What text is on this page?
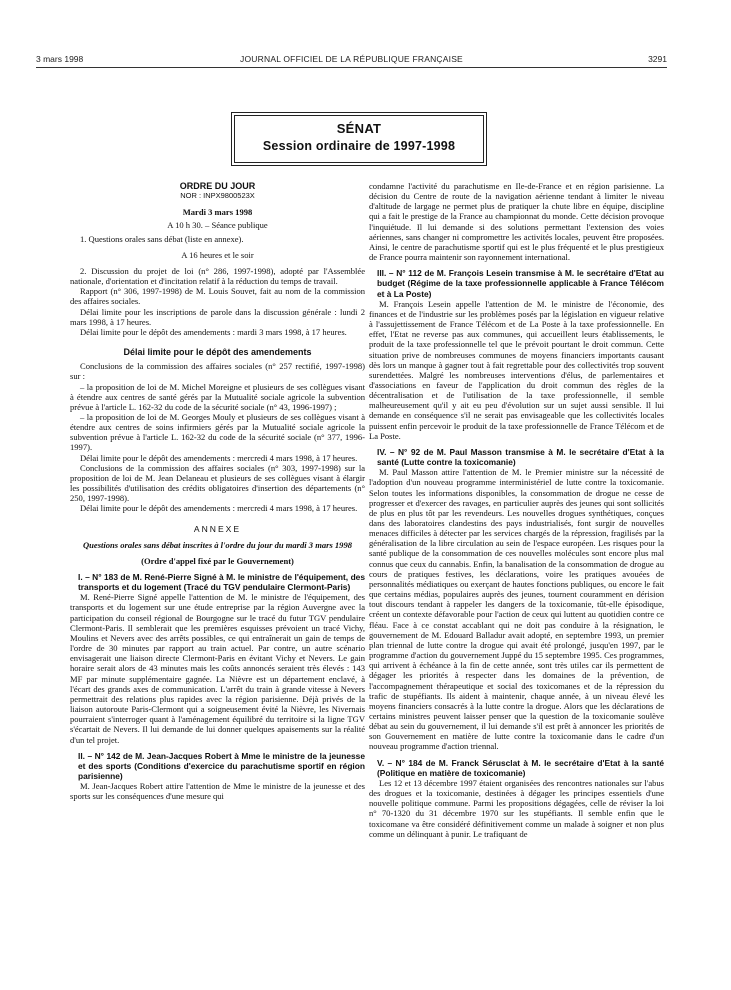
3 mars 1998	JOURNAL OFFICIEL DE LA RÉPUBLIQUE FRANÇAISE	3291
SÉNAT
Session ordinaire de 1997-1998

ORDRE DU JOUR

NOR : INPX9800523X

Mardi 3 mars 1998

A 10 h 30. – Séance publique

1. Questions orales sans débat (liste en annexe).

A 16 heures et le soir

2. Discussion du projet de loi (n° 286, 1997-1998), adopté par l'Assemblée nationale, d'orientation et d'incitation relatif à la réduction du temps de travail.

Rapport (n° 306, 1997-1998) de M. Louis Souvet, fait au nom de la commission des affaires sociales.

Délai limite pour les inscriptions de parole dans la discussion générale : lundi 2 mars 1998, à 17 heures.

Délai limite pour le dépôt des amendements : mardi 3 mars 1998, à 17 heures.

Délai limite pour le dépôt des amendements

Conclusions de la commission des affaires sociales (n° 257 rectifié, 1997-1998) sur :

– la proposition de loi de M. Michel Moreigne et plusieurs de ses collègues visant à étendre aux centres de santé gérés par la Mutualité sociale agricole la subvention prévue à l'article L. 162-32 du code de la sécurité sociale (n° 43, 1996-1997) ;

– la proposition de loi de M. Georges Mouly et plusieurs de ses collègues visant à étendre aux centres de soins infirmiers gérés par la Mutualité sociale agricole la subvention prévue à l'article L. 162-32 du code de la sécurité sociale (n° 377, 1996-1997).

Délai limite pour le dépôt des amendements : mercredi 4 mars 1998, à 17 heures.

Conclusions de la commission des affaires sociales (n° 303, 1997-1998) sur la proposition de loi de M. Jean Delaneau et plusieurs de ses collègues visant à élargir les possibilités d'utilisation des crédits obligatoires d'insertion des départements (n° 250, 1997-1998).

Délai limite pour le dépôt des amendements : mercredi 4 mars 1998, à 17 heures.

ANNEXE

Questions orales sans débat inscrites à l'ordre du jour du mardi 3 mars 1998

(Ordre d'appel fixé par le Gouvernement)

I. – N° 183 de M. René-Pierre Signé à M. le ministre de l'équipement, des transports et du logement (Tracé du TGV pendulaire Clermont-Paris)

M. René-Pierre Signé appelle l'attention de M. le ministre de l'équipement, des transports et du logement sur une étude entreprise par la région Auvergne avec la participation du conseil régional de Bourgogne sur le tracé du futur TGV pendulaire Clermont-Paris. Il semblerait que les premières esquisses prévoient un tracé Vichy, Moulins et Nevers avec des arrêts possibles, ce qui entraînerait un gain de temps de l'ordre de 30 minutes par rapport au train actuel. Par contre, un autre scénario envisagerait une liaison directe Clermont-Paris en évitant Vichy et Nevers. Le gain horaire serait alors de 43 minutes mais les coûts annoncés seraient très élevés : 143 MF par minute supplémentaire gagnée. La Nièvre est un département enclavé, à l'écart des grands axes de communication. L'arrêt du train à grande vitesse à Nevers permettrait des relations plus rapides avec la région parisienne. Déjà privés de la liaison autoroute Paris-Clermont qui a soigneusement évité la Nièvre, les Nivernais pourraient s'interroger quant à l'aménagement équilibré du territoire si la ligne TGV s'écartait de Nevers. Il lui demande de lui donner quelques apaisements sur la réalité d'un tel projet.

II. – N° 142 de M. Jean-Jacques Robert à Mme le ministre de la jeunesse et des sports (Conditions d'exercice du parachutisme sportif en région parisienne)

M. Jean-Jacques Robert attire l'attention de Mme le ministre de la jeunesse et des sports sur les conséquences d'une mesure qui

condamne l'activité du parachutisme en Ile-de-France et en région parisienne. La décision du Centre de route de la navigation aérienne tendant à limiter le niveau d'altitude de largage ne permet plus de pratiquer la chute libre en équipe, discipline qui a fait le prestige de la France au championnat du monde. Cette décision provoque l'inquiétude. Il lui demande si des solutions permettant l'extension des voies aériennes, sans changer ni compromettre les activités locales, peuvent être proposées. Ainsi, le centre de parachutisme sportif qui est le plus fréquenté et le plus prestigieux de France pourra maintenir son rayonnement international.

III. – N° 112 de M. François Lesein transmise à M. le secrétaire d'Etat au budget (Régime de la taxe professionnelle applicable à France Télécom et à La Poste)

M. François Lesein appelle l'attention de M. le ministre de l'économie, des finances et de l'industrie sur les problèmes posés par la législation en vigueur relative à l'assujettissement de France Télécom et de La Poste à la taxe professionnelle. En effet, l'Etat ne reverse pas aux communes, qui accueillent leurs établissements, le produit de la taxe professionnelle tel que le prévoit pourtant le droit commun. Cette situation prive de nombreuses communes de moyens financiers importants causant dès lors un manque à gagner tout à fait regrettable pour des collectivités trop souvent surendettées. Malgré les nombreuses interventions d'élus, de parlementaires et d'associations en faveur de l'application du droit commun des règles de la décentralisation et de l'utilisation de la taxe professionnelle, il semble malheureusement qu'il y ait eu peu d'évolution sur un sujet aussi sensible. Il lui demande en conséquence s'il ne serait pas envisageable que les collectivités locales puissent enfin percevoir le produit de la taxe professionnelle de France Télécom et de La Poste.

IV. – N° 92 de M. Paul Masson transmise à M. le secrétaire d'Etat à la santé (Lutte contre la toxicomanie)

M. Paul Masson attire l'attention de M. le Premier ministre sur la nécessité de l'adoption d'un nouveau programme interministériel de lutte contre la toxicomanie. Selon toutes les informations disponibles, la consommation de drogue ne cesse de progresser et d'exercer des ravages, en particulier auprès des jeunes qui sont sollicités de plus en plus tôt par les revendeurs. Les nouvelles drogues synthétiques, conçues dans des laboratoires clandestins des pays industrialisés, font surgir de nouvelles menaces difficiles à détecter par les services chargés de la répression, fragilisés par la généralisation de la libre circulation au sein de l'espace européen. Les risques pour la santé publique de la consommation de ces nouvelles molécules sont encore plus mal connus que ceux du cannabis. Enfin, la banalisation de la consommation de drogue au cours de pratiques festives, les déclarations, voire les pratiques avouées de personnalités médiatiques ou exerçant de hautes fonctions publiques, ou encore le fait que certains médias, populaires auprès des jeunes, tournent couramment en dérision tout discours tendant à rappeler les dangers de la toxicomanie, tût-elle épisodique, créent un contexte défavorable pour l'action de ceux qui luttent au quotidien contre ce fléau. Face à ce constat accablant qui ne doit pas conduire à la résignation, le gouvernement de M. Edouard Balladur avait adopté, en septembre 1993, un premier plan triennal de lutte contre la drogue qui avait été prolongé, jusqu'en 1997, par le programme d'action du gouvernement Juppé du 15 septembre 1995. Ces programmes, qui arrivent à échéance à la fin de cette année, sont très utiles car ils permettent de dégager les priorités à respecter dans les domaines de la prévention, de l'accompagnement thérapeutique et social des toxicomanes et de la répression du trafic de stupéfiants. Ils aident à maintenir, chaque année, à un niveau élevé les moyens financiers consacrés à la lutte contre la drogue. Alors que les déclarations de certains ministres peuvent laisser penser que la question de la toxicomanie soulève débat au sein du gouvernement, il lui demande s'il est prêt à annoncer les priorités de son Gouvernement en matière de lutte contre la toxicomanie dans le cadre d'un nouveau programme d'action triennal.

V. – N° 184 de M. Franck Sérusclat à M. le secrétaire d'Etat à la santé (Politique en matière de toxicomanie)

Les 12 et 13 décembre 1997 étaient organisées des rencontres nationales sur l'abus des drogues et la toxicomanie, destinées à dégager les principes essentiels d'une nouvelle politique commune. Parmi les propositions dégagées, celle de réviser la loi n° 70-1320 du 31 décembre 1970 sur les stupéfiants. Il semble enfin que le toxicomane va être considéré définitivement comme un malade à soigner et non plus comme un délinquant à punir. Le trafiquant de
